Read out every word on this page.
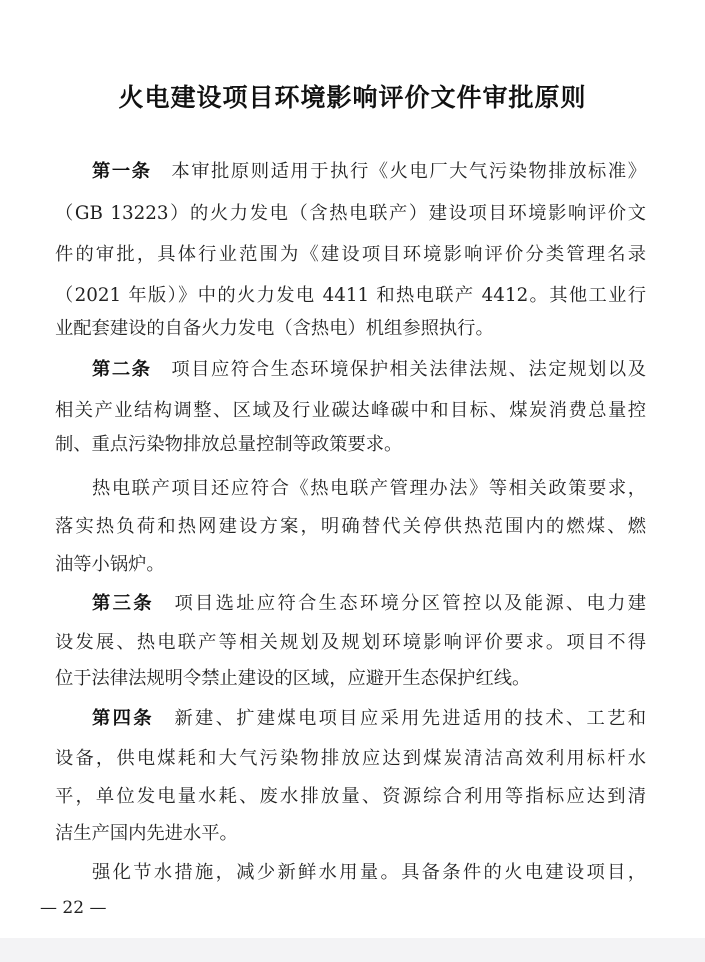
火电建设项目环境影响评价文件审批原则
第一条　 本审批原则适用于执行《火电厂大气污染物排放标准》
（GB 13223）的火力发电（含热电联产）建设项目环境影响评价文
件的审批，具体行业范围为《建设项目环境影响评价分类管理名录
（2021 年版）》中的火力发电 4411 和热电联产 4412。其他工业行
业配套建设的自备火力发电（含热电）机组参照执行。
第二条　 项目应符合生态环境保护相关法律法规、法定规划以及
相关产业结构调整、区域及行业碳达峰碳中和目标、煤炭消费总量控
制、重点污染物排放总量控制等政策要求。
热电联产项目还应符合《热电联产管理办法》等相关政策要求，
落实热负荷和热网建设方案，明确替代关停供热范围内的燃煤、燃
油等小锅炉。
第三条　 项目选址应符合生态环境分区管控以及能源、电力建
设发展、热电联产等相关规划及规划环境影响评价要求。项目不得
位于法律法规明令禁止建设的区域，应避开生态保护红线。
第四条　 新建、扩建煤电项目应采用先进适用的技术、工艺和
设备，供电煤耗和大气污染物排放应达到煤炭清洁高效利用标杆水
平，单位发电量水耗、废水排放量、资源综合利用等指标应达到清
洁生产国内先进水平。
强化节水措施，减少新鲜水用量。具备条件的火电建设项目，
— 22 —
